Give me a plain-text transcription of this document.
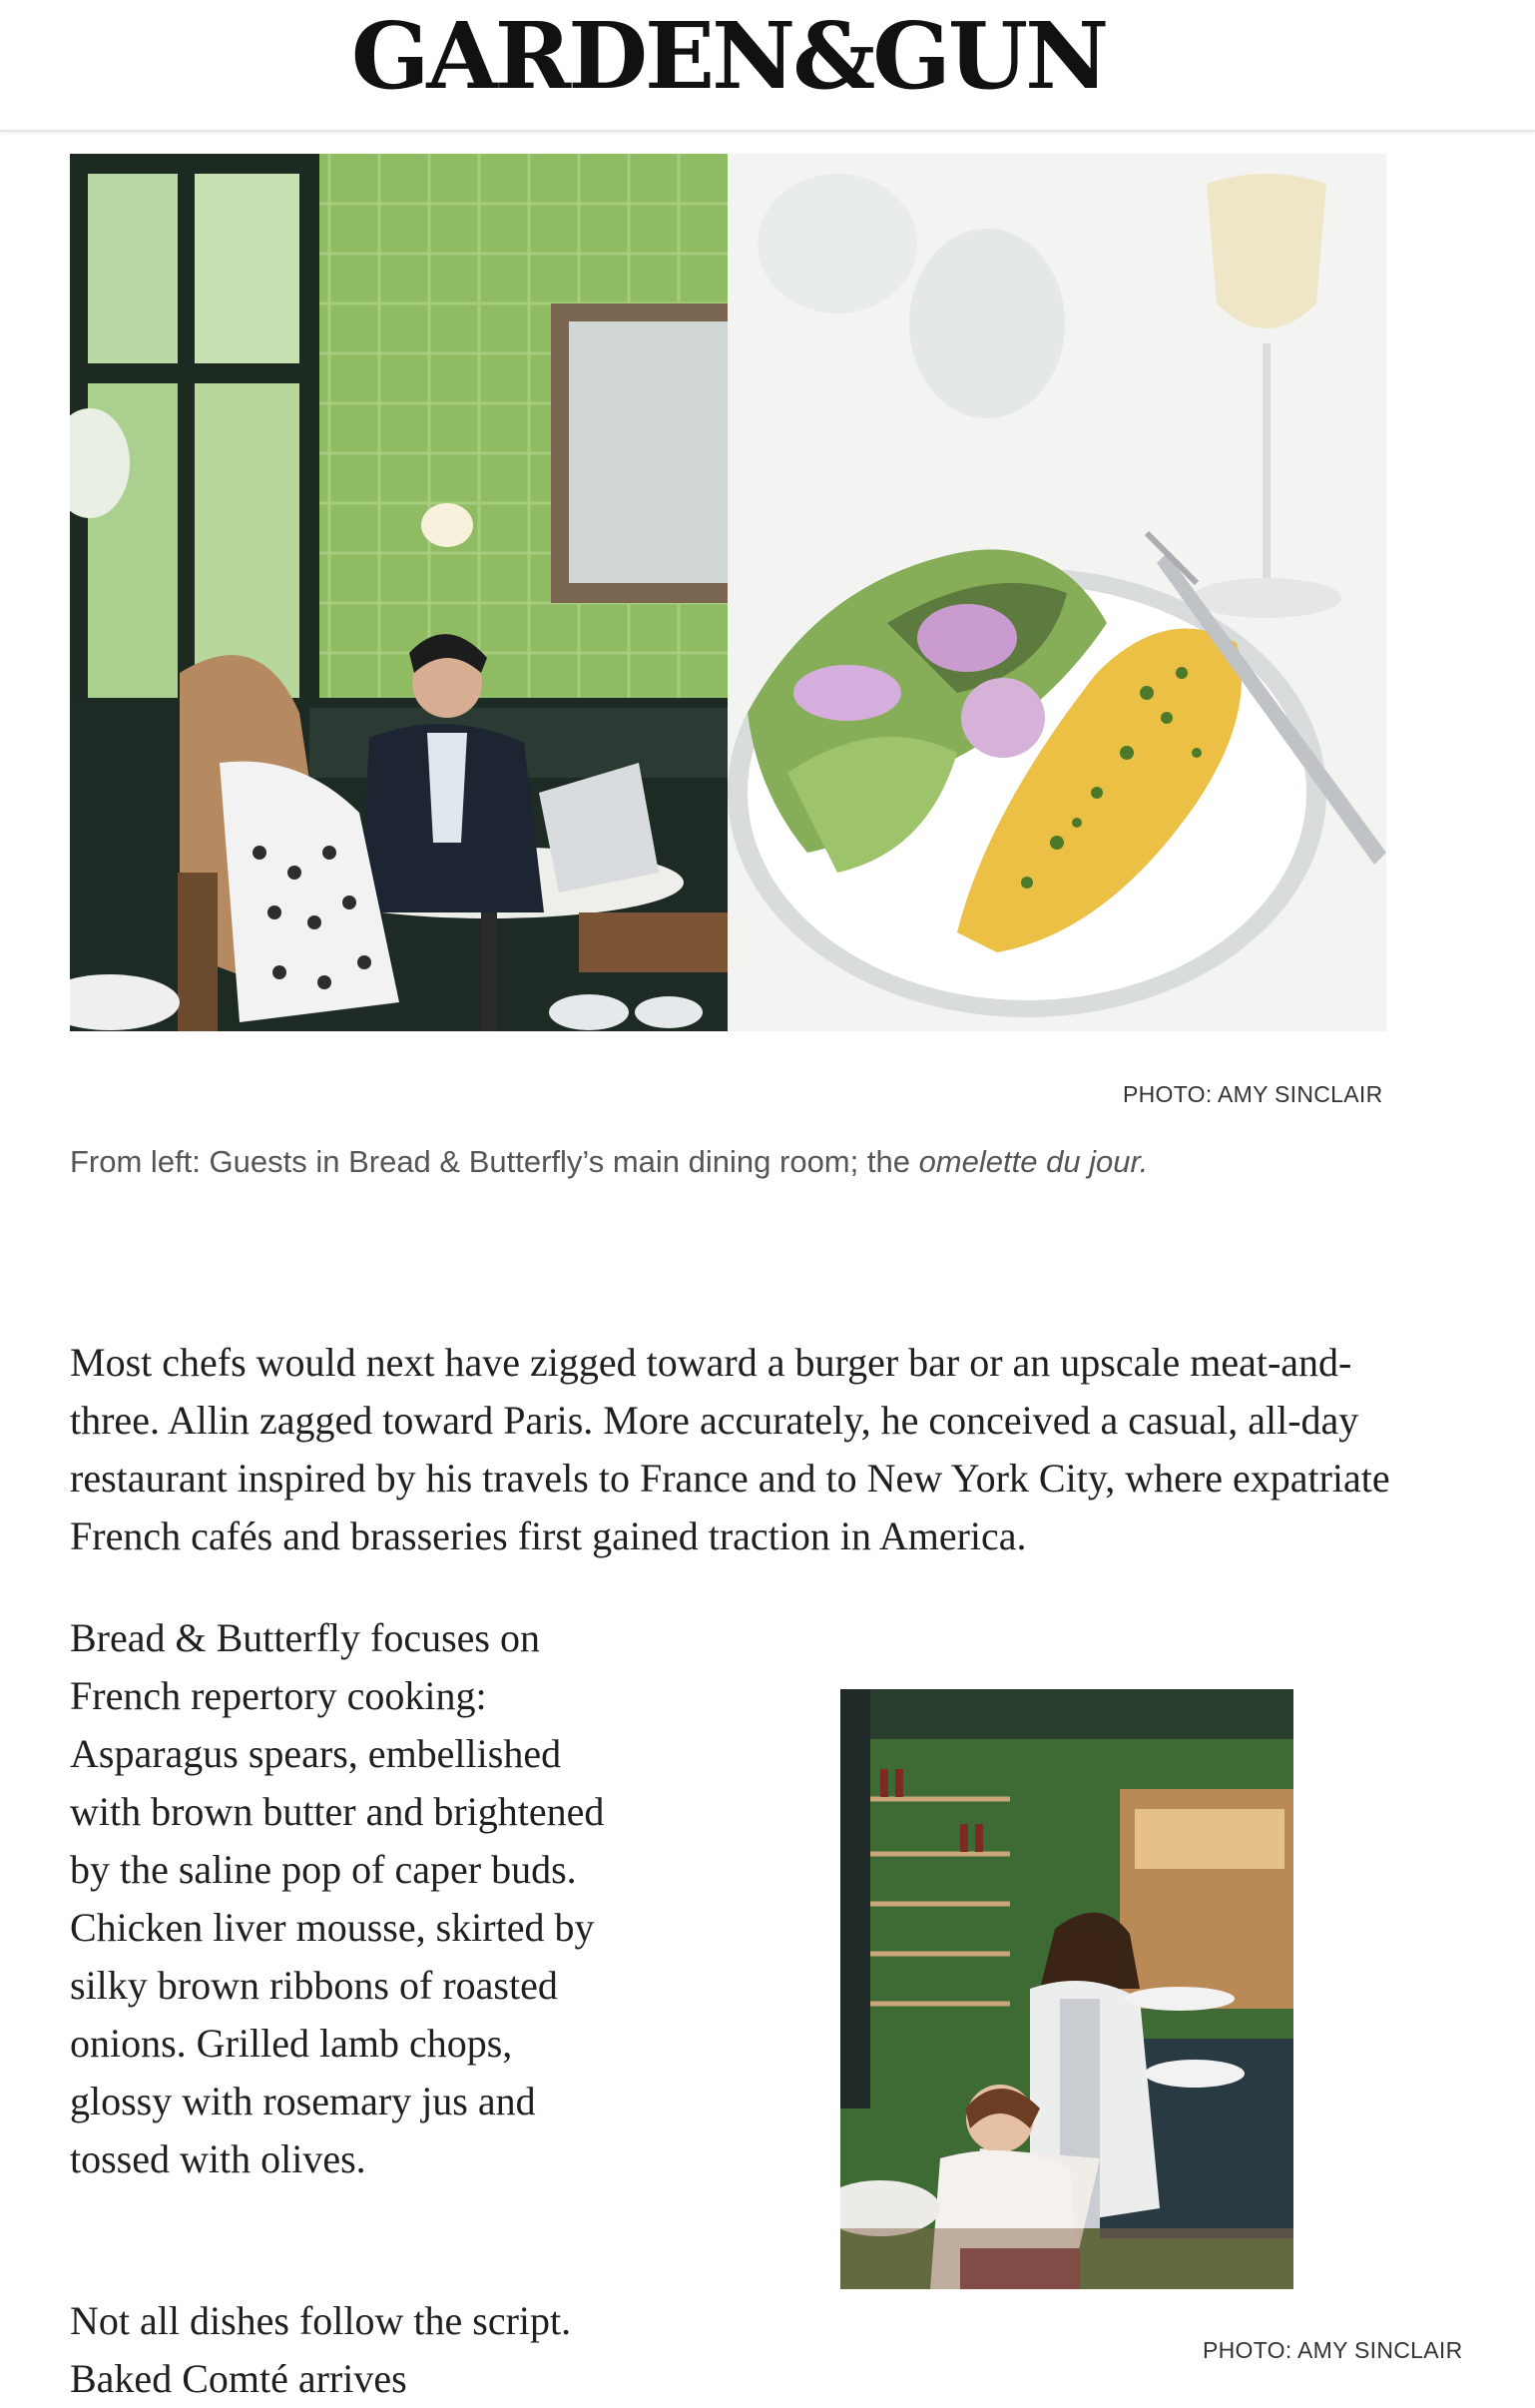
GARDEN&GUN
PHOTO: AMY SINCLAIR
From left: Guests in Bread & Butterfly’s main dining room; the omelette du jour.

Most chefs would next have zigged toward a burger bar or an upscale meat-and-three. Allin zagged toward Paris. More accurately, he conceived a casual, all-day restaurant inspired by his travels to France and to New York City, where expatriate French cafés and brasseries first gained traction in America.

Bread & Butterfly focuses on French repertory cooking: Asparagus spears, embellished with brown butter and brightened by the saline pop of caper buds. Chicken liver mousse, skirted by silky brown ribbons of roasted onions. Grilled lamb chops, glossy with rosemary jus and tossed with olives.

Not all dishes follow the script. Baked Comté arrives

PHOTO: AMY SINCLAIR
